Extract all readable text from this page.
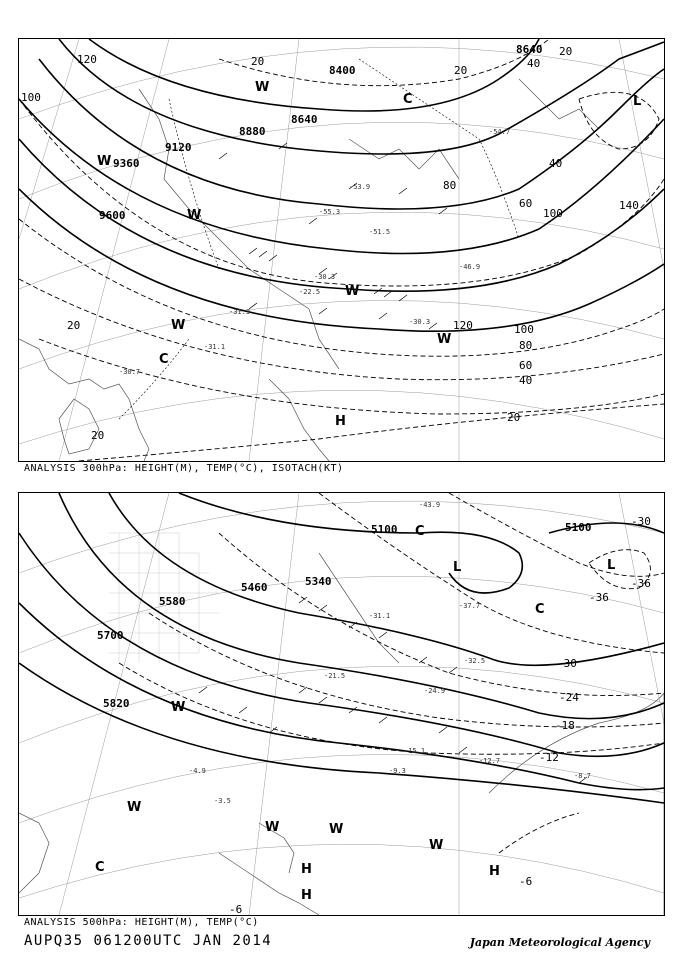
-54.7
-53.9
-55.3
-51.5
-46.9
-30.3
-30.3
-31.3
-22.5
-30.7
-31.1
8400
8640
8640
8880
9120
9360
9600
120
100
20
20
20
20	40
40
60
80
100
140
80
100
120
60
40
20
20
L
C
C
H
W
W
W
W
W
W
ANALYSIS 300hPa: HEIGHT(M), TEMP(°C), ISOTACH(KT)
-43.9
-37.7
-31.1
-32.5
-24.9
-12.7
-15.1
-21.5
-9.3
-8.7
-4.9
-3.5
5100	5100
5340
5460
5580
5700
5820
-30
-36
-36
-30
-24
-18
-12
-6
-6
L	L
C
C
C	H
H
H
W
W
W	W
W
ANALYSIS 500hPa: HEIGHT(M), TEMP(°C)
AUPQ35 061200UTC JAN 2014	Japan Meteorological Agency
